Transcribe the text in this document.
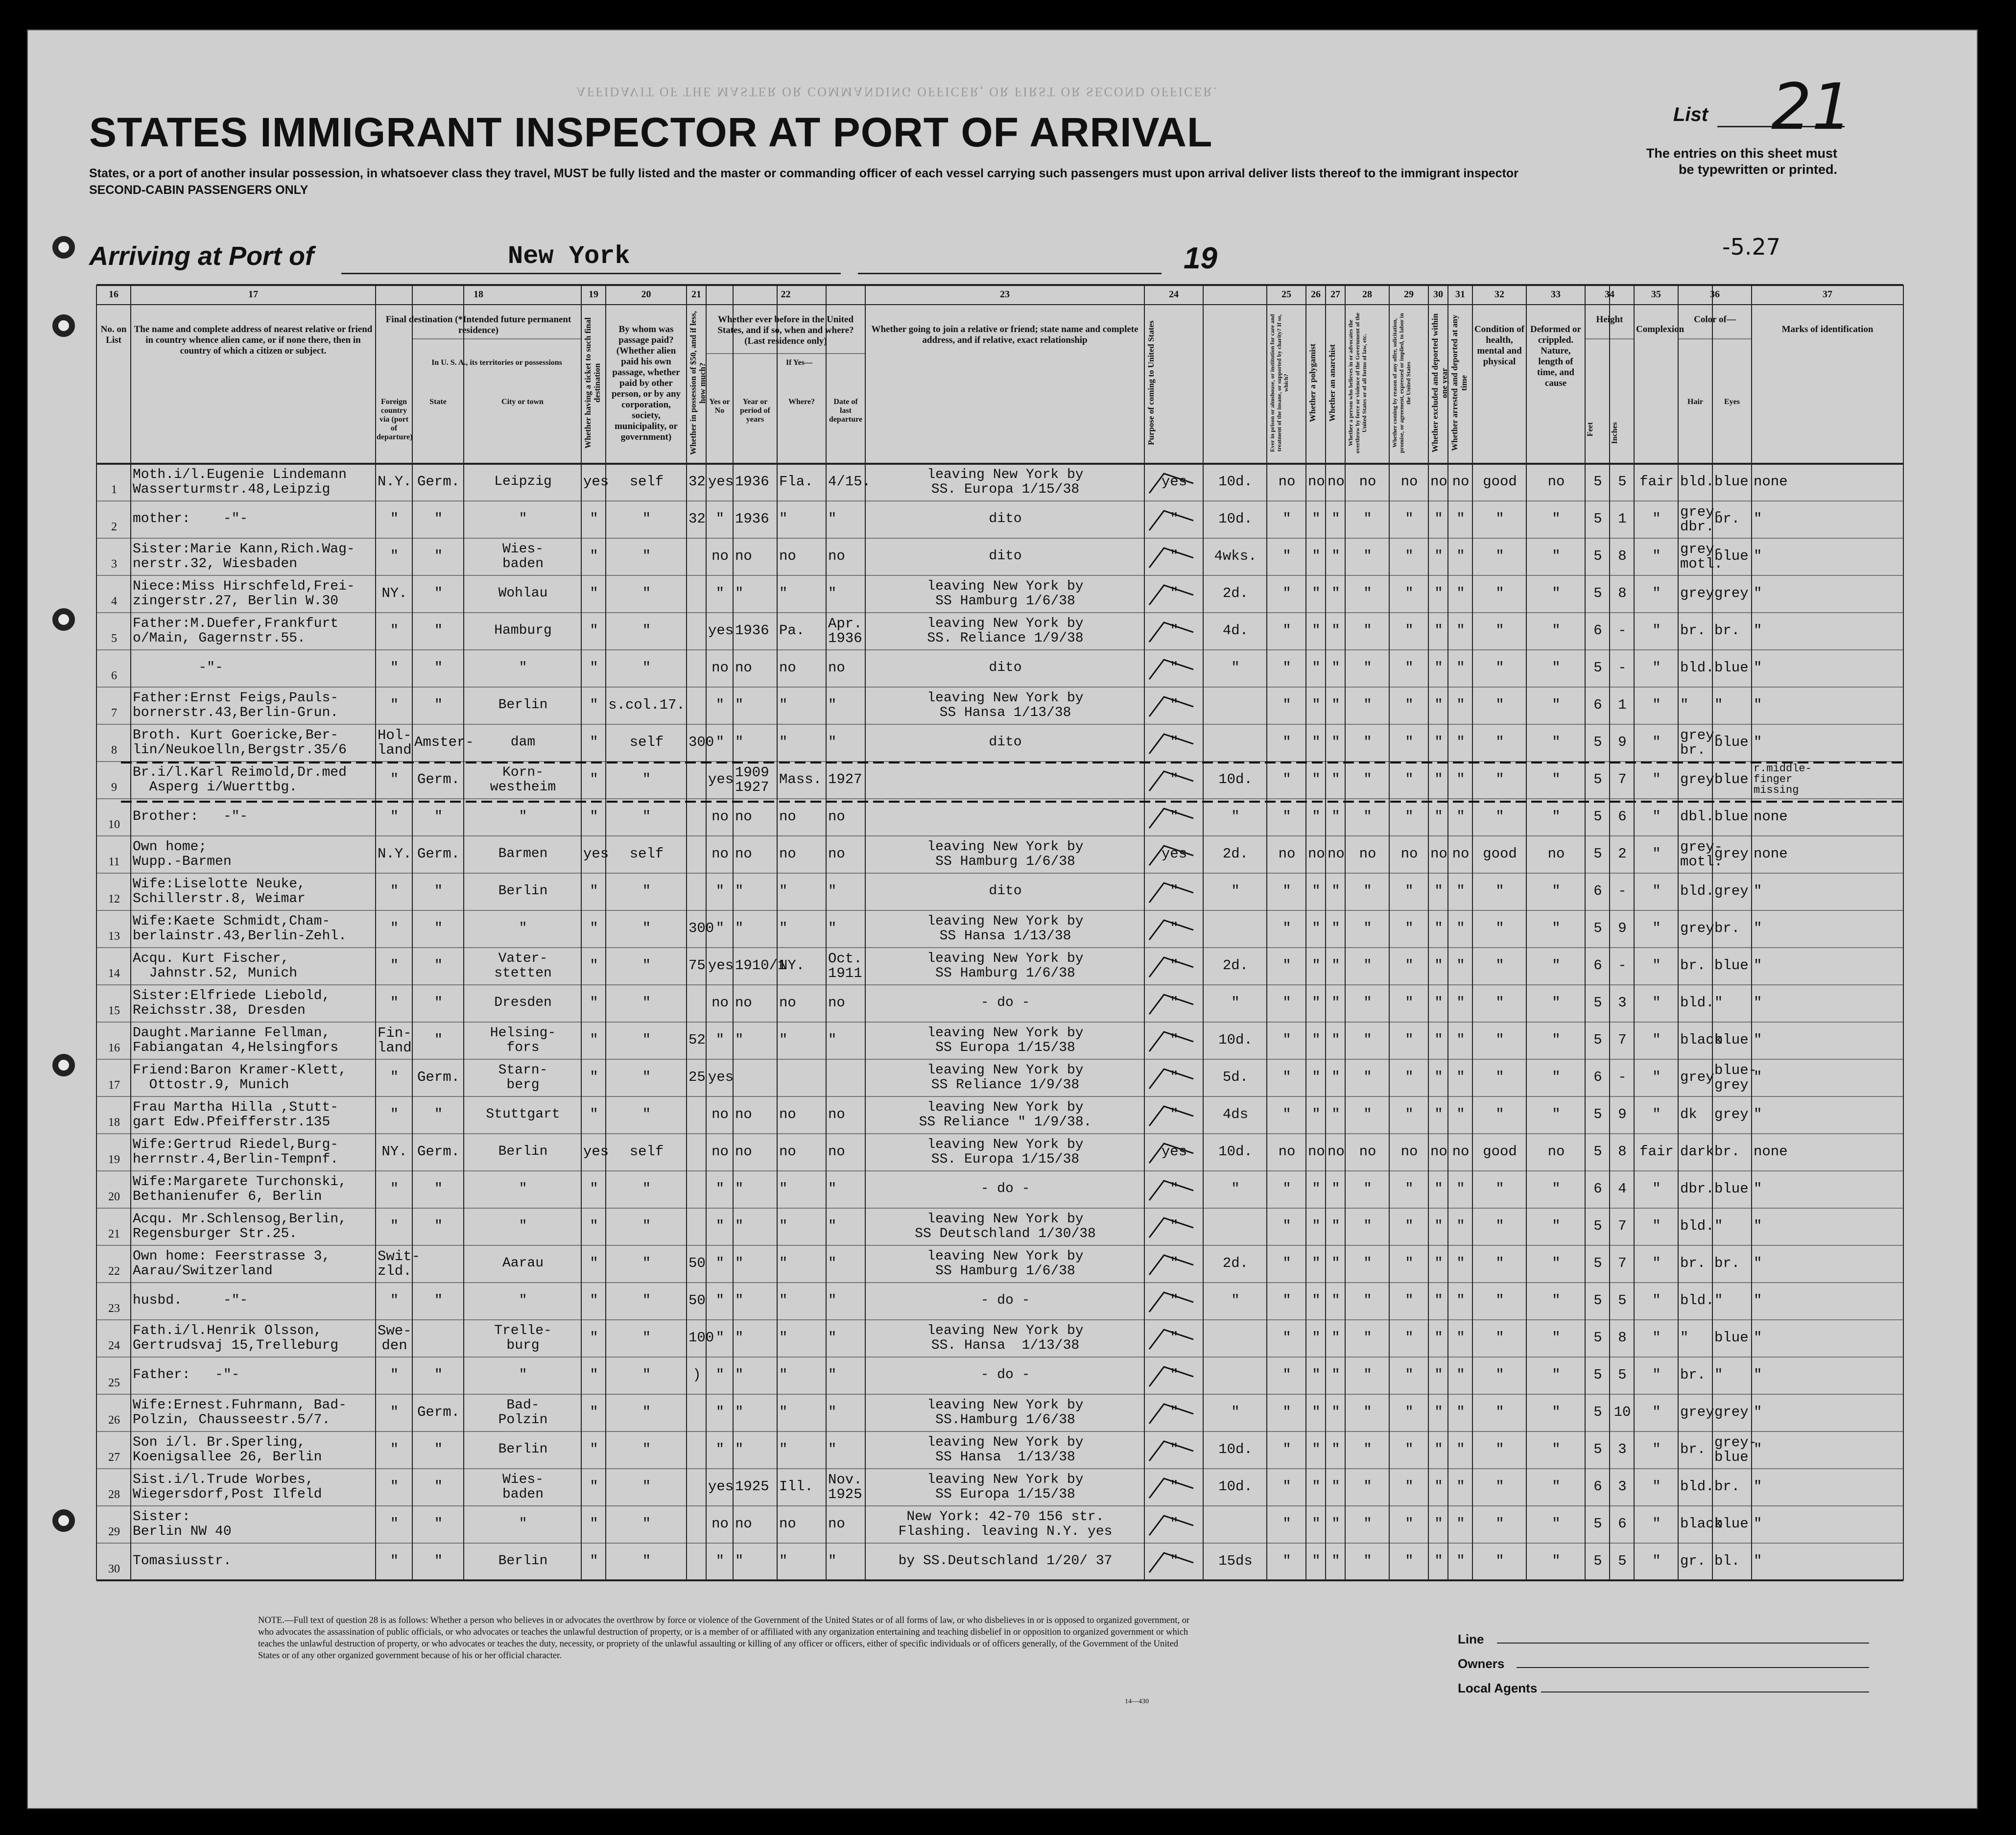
AFFIDAVIT OF THE MASTER OR COMMANDING OFFICER, OR FIRST OR SECOND OFFICER.
STATES IMMIGRANT INSPECTOR AT PORT OF ARRIVAL
States, or a port of another insular possession, in whatsoever class they travel, MUST be fully listed and the master or commanding officer of each vessel carrying such passengers must upon arrival deliver lists thereof to the immigrant inspector
SECOND-CABIN PASSENGERS ONLY
List 21
The entries on this sheet must
be typewritten or printed.
Arriving at Port of	New York	19	-5.27
16
No. on List
17
The name and complete address of nearest relative or friend in country whence alien came, or if none there, then in country of which a citizen or subject.
18
Final destination (*Intended future permanent residence)
Foreign country via (port of departure)
In U. S. A., its territories or possessions
State	City or town
19
Whether having a ticket to such final destination
20
By whom was passage paid? (Whether alien paid his own passage, whether paid by other person, or by any corporation, society, municipality, or government)
21
Whether in possession of $50, and if less, how much?
22
Whether ever before in the United States, and if so, when and where? (Last residence only)
Yes or No
If Yes—
Year or period of years
Where?	Date of last departure
23
Whether going to join a relative or friend; state name and complete address, and if relative, exact relationship
24
Purpose of coming to United States
25
Ever in prison or almshouse, or institution for care and treatment of the insane, or supported by charity? If so, which?
26
Whether a polygamist
27
Whether an anarchist
28
Whether a person who believes in or advocates the overthrow by force or violence of the Government of the United States or of all forms of law, etc.
29
Whether coming by reason of any offer, solicitation, promise, or agreement, expressed or implied, to labor in the United States
30
Whether excluded and deported within one year
31
Whether arrested and deported at any time
32
Condition of health, mental and physical
33
Deformed or crippled. Nature, length of time, and cause
34
Height
Feet	Inches
35
Complexion
36
Color of—
Hair	Eyes
37
Marks of identification
1
Moth.i/l.Eugenie Lindemann
Wasserturmstr.48,Leipzig	N.Y. Germ.	Leipzig	yes	self	32 yes 1936 Fla.	4/15.	leaving New York by
SS. Europa 1/15/38	yes	10d.	no no no	no	no no no good	no	5	5 fair bld. blue none
2
mother:    -"-	"	"	"	"	"	32 " 1936 "	"	dito	"	10d.	"	" "	"	"	" "	"	"	5	1	"	grey-
dbr. br. "
3
Sister:Marie Kann,Rich.Wag-
nerstr.32, Wiesbaden	"	"	Wies-
baden	"	"	no no	no	no	dito	"	4wks.	"	" "	"	"	" "	"	"	5	8	"	grey-
motl.
blue "
4
Niece:Miss Hirschfeld,Frei-
zingerstr.27, Berlin W.30	NY.	"	Wohlau	"	"	" "	"	"	leaving New York by
SS Hamburg 1/6/38	"	2d.	"	" "	"	"	" "	"	"	5	8	"	grey grey "
5
Father:M.Duefer,Frankfurt
o/Main, Gagernstr.55.	"	"	Hamburg	"	"	yes 1936 Pa.	Apr.
1936
leaving New York by
SS. Reliance 1/9/38	"	4d.	"	" "	"	"	" "	"	"	6	-	"	br. br. "
6
-"-	"	"	"	"	"	no no	no	no	dito	"	"	"	" "	"	"	" "	"	"	5	-	"	bld. blue "
7
Father:Ernst Feigs,Pauls-
bornerstr.43,Berlin-Grun.	"	"	Berlin	" s.col.17.	" "	"	"	leaving New York by
SS Hansa 1/13/38	"	"	" "	"	"	" "	"	"	6	1	"	"	"	"
8
Broth. Kurt Goericke,Ber-
lin/Neukoelln,Bergstr.35/6
Hol-
land Amster-	dam	"	self	300 " "	"	"	dito	"	"	" "	"	"	" "	"	"	5	9	"	grey-
br. blue "
9
Br.i/l.Karl Reimold,Dr.med
Asperg i/Wuerttbg.	"	Germ.	Korn-
westheim	"	"	yes 1909
1927 Mass. 1927	"	10d.	"	" "	"	"	" "	"	"	5	7	"	grey blue
r.middle-
finger
missing
10
Brother:   -"-	"	"	"	"	"	no no	no	no	"	"	"	" "	"	"	" "	"	"	5	6	"	dbl. blue none
11
Own home;
Wupp.-Barmen	N.Y. Germ.	Barmen	yes	self	no no	no	no	leaving New York by
SS Hamburg 1/6/38	yes	2d.	no no no	no	no no no good	no	5	2	"	grey-
motl.
grey none
12
Wife:Liselotte Neuke,
Schillerstr.8, Weimar	"	"	Berlin	"	"	" "	"	"	dito	"	"	"	" "	"	"	" "	"	"	6	-	"	bld. grey "
13
Wife:Kaete Schmidt,Cham-
berlainstr.43,Berlin-Zehl.	"	"	"	"	"	300 " "	"	"	leaving New York by
SS Hansa 1/13/38	"	"	" "	"	"	" "	"	"	5	9	"	grey br. "
14
Acqu. Kurt Fischer,
Jahnstr.52, Munich	"	"	Vater-
stetten	"	"	75 yes 1910/1
NY.	Oct.
1911
leaving New York by
SS Hamburg 1/6/38	"	2d.	"	" "	"	"	" "	"	"	6	-	"	br. blue "
15
Sister:Elfriede Liebold,
Reichsstr.38, Dresden	"	"	Dresden	"	"	no no	no	no	- do -	"	"	"	" "	"	"	" "	"	"	5	3	"	bld. "	"
16
Daught.Marianne Fellman,
Fabiangatan 4,Helsingfors
Fin-
land	"	Helsing-
fors	"	"	52 " "	"	"	leaving New York by
SS Europa 1/15/38	"	10d.	"	" "	"	"	" "	"	"	5	7	"	black
blue "
17
Friend:Baron Kramer-Klett,
Ottostr.9, Munich	"	Germ.	Starn-
berg	"	"	25 yes	leaving New York by
SS Reliance 1/9/38	"	5d.	"	" "	"	"	" "	"	"	6	-	"	grey blue-
grey "
18
Frau Martha Hilla ,Stutt-
gart Edw.Pfeifferstr.135	"	"	Stuttgart	"	"	no no	no	no	leaving New York by
SS Reliance " 1/9/38.	"	4ds	"	" "	"	"	" "	"	"	5	9	"	dk	grey "
19
Wife:Gertrud Riedel,Burg-
herrnstr.4,Berlin-Tempnf.	NY. Germ.	Berlin	yes	self	no no	no	no	leaving New York by
SS. Europa 1/15/38	yes	10d.	no no no	no	no no no good	no	5	8 fair dark br. none
20
Wife:Margarete Turchonski,
Bethanienufer 6, Berlin	"	"	"	"	"	" "	"	"	- do -	"	"	"	" "	"	"	" "	"	"	6	4	"	dbr. blue "
21
Acqu. Mr.Schlensog,Berlin,
Regensburger Str.25.	"	"	"	"	"	" "	"	"	leaving New York by
SS Deutschland 1/30/38	"	"	" "	"	"	" "	"	"	5	7	"	bld. "	"
22
Own home: Feerstrasse 3,
Aarau/Switzerland
Swit-
zld.	Aarau	"	"	50 " "	"	"	leaving New York by
SS Hamburg 1/6/38	"	2d.	"	" "	"	"	" "	"	"	5	7	"	br. br. "
23
husbd.     -"-	"	"	"	"	"	50 " "	"	"	- do -	"	"	"	" "	"	"	" "	"	"	5	5	"	bld. "	"
24
Fath.i/l.Henrik Olsson,
Gertrudsvaj 15,Trelleburg
Swe-
den
Trelle-
burg	"	"	100 " "	"	"	leaving New York by
SS. Hansa  1/13/38	"	"	" "	"	"	" "	"	"	5	8	"	"	blue "
25
Father:   -"-	"	"	"	"	"	)	" "	"	"	- do -	"	"	" "	"	"	" "	"	"	5	5	"	br. "	"
26
Wife:Ernest.Fuhrmann, Bad-
Polzin, Chausseestr.5/7.	"	Germ.	Bad-
Polzin	"	"	" "	"	"	leaving New York by
SS.Hamburg 1/6/38	"	"	"	" "	"	"	" "	"	"	5 10	"	grey grey "
27
Son i/l. Br.Sperling,
Koenigsallee 26, Berlin	"	"	Berlin	"	"	" "	"	"	leaving New York by
SS Hansa  1/13/38	"	10d.	"	" "	"	"	" "	"	"	5	3	"	br. grey-
blue "
28
Sist.i/l.Trude Worbes,
Wiegersdorf,Post Ilfeld	"	"	Wies-
baden	"	"	yes 1925 Ill.	Nov.
1925
leaving New York by
SS Europa 1/15/38	"	10d.	"	" "	"	"	" "	"	"	6	3	"	bld. br. "
29
Sister:
Berlin NW 40	"	"	"	"	"	no no	no	no	New York: 42-70 156 str.
Flashing. leaving N.Y. yes	"	"	" "	"	"	" "	"	"	5	6	"	black
blue "
30
Tomasiusstr.	"	"	Berlin	"	"	" "	"	"	by SS.Deutschland 1/20/ 37	"	15ds	"	" "	"	"	" "	"	"	5	5	"	gr. bl. "
NOTE.—Full text of question 28 is as follows: Whether a person who believes in or advocates the overthrow by force or violence of the Government of the United States or of all forms of law, or who disbelieves in or is opposed to organized government, or who advocates the assassination of public officials, or who advocates or teaches the unlawful destruction of property, or is a member of or affiliated with any organization entertaining and teaching disbelief in or opposition to organized government or which teaches the unlawful destruction of property, or who advocates or teaches the duty, necessity, or propriety of the unlawful assaulting or killing of any officer or officers, either of specific individuals or of officers generally, of the Government of the United States or of any other organized government because of his or her official character.
14—430
Line
Owners
Local Agents
